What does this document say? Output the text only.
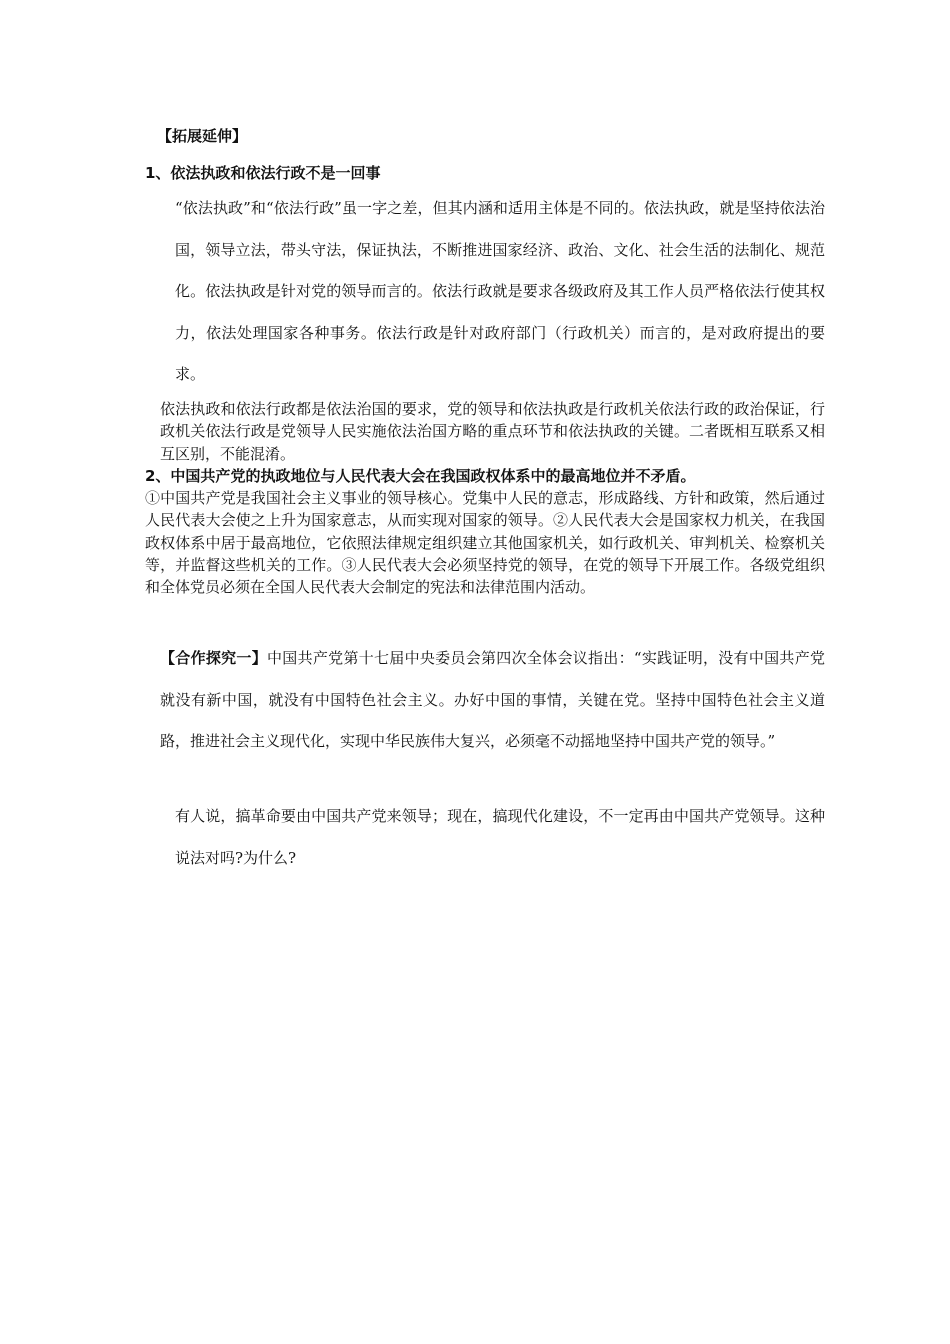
【拓展延伸】
1、依法执政和依法行政不是一回事

“依法执政”和“依法行政”虽一字之差，但其内涵和适用主体是不同的。依法执政，就是坚持依法治国，领导立法，带头守法，保证执法，不断推进国家经济、政治、文化、社会生活的法制化、规范化。依法执政是针对党的领导而言的。依法行政就是要求各级政府及其工作人员严格依法行使其权力，依法处理国家各种事务。依法行政是针对政府部门（行政机关）而言的，是对政府提出的要求。

依法执政和依法行政都是依法治国的要求，党的领导和依法执政是行政机关依法行政的政治保证，行政机关依法行政是党领导人民实施依法治国方略的重点环节和依法执政的关键。二者既相互联系又相互区别，不能混淆。

2、中国共产党的执政地位与人民代表大会在我国政权体系中的最高地位并不矛盾。

①中国共产党是我国社会主义事业的领导核心。党集中人民的意志，形成路线、方针和政策，然后通过人民代表大会使之上升为国家意志，从而实现对国家的领导。②人民代表大会是国家权力机关，在我国政权体系中居于最高地位，它依照法律规定组织建立其他国家机关，如行政机关、审判机关、检察机关等，并监督这些机关的工作。③人民代表大会必须坚持党的领导，在党的领导下开展工作。各级党组织和全体党员必须在全国人民代表大会制定的宪法和法律范围内活动。

【合作探究一】中国共产党第十七届中央委员会第四次全体会议指出：“实践证明，没有中国共产党就没有新中国，就没有中国特色社会主义。办好中国的事情，关键在党。坚持中国特色社会主义道路，推进社会主义现代化，实现中华民族伟大复兴，必须毫不动摇地坚持中国共产党的领导。”

有人说，搞革命要由中国共产党来领导；现在，搞现代化建设，不一定再由中国共产党领导。这种说法对吗?为什么?
